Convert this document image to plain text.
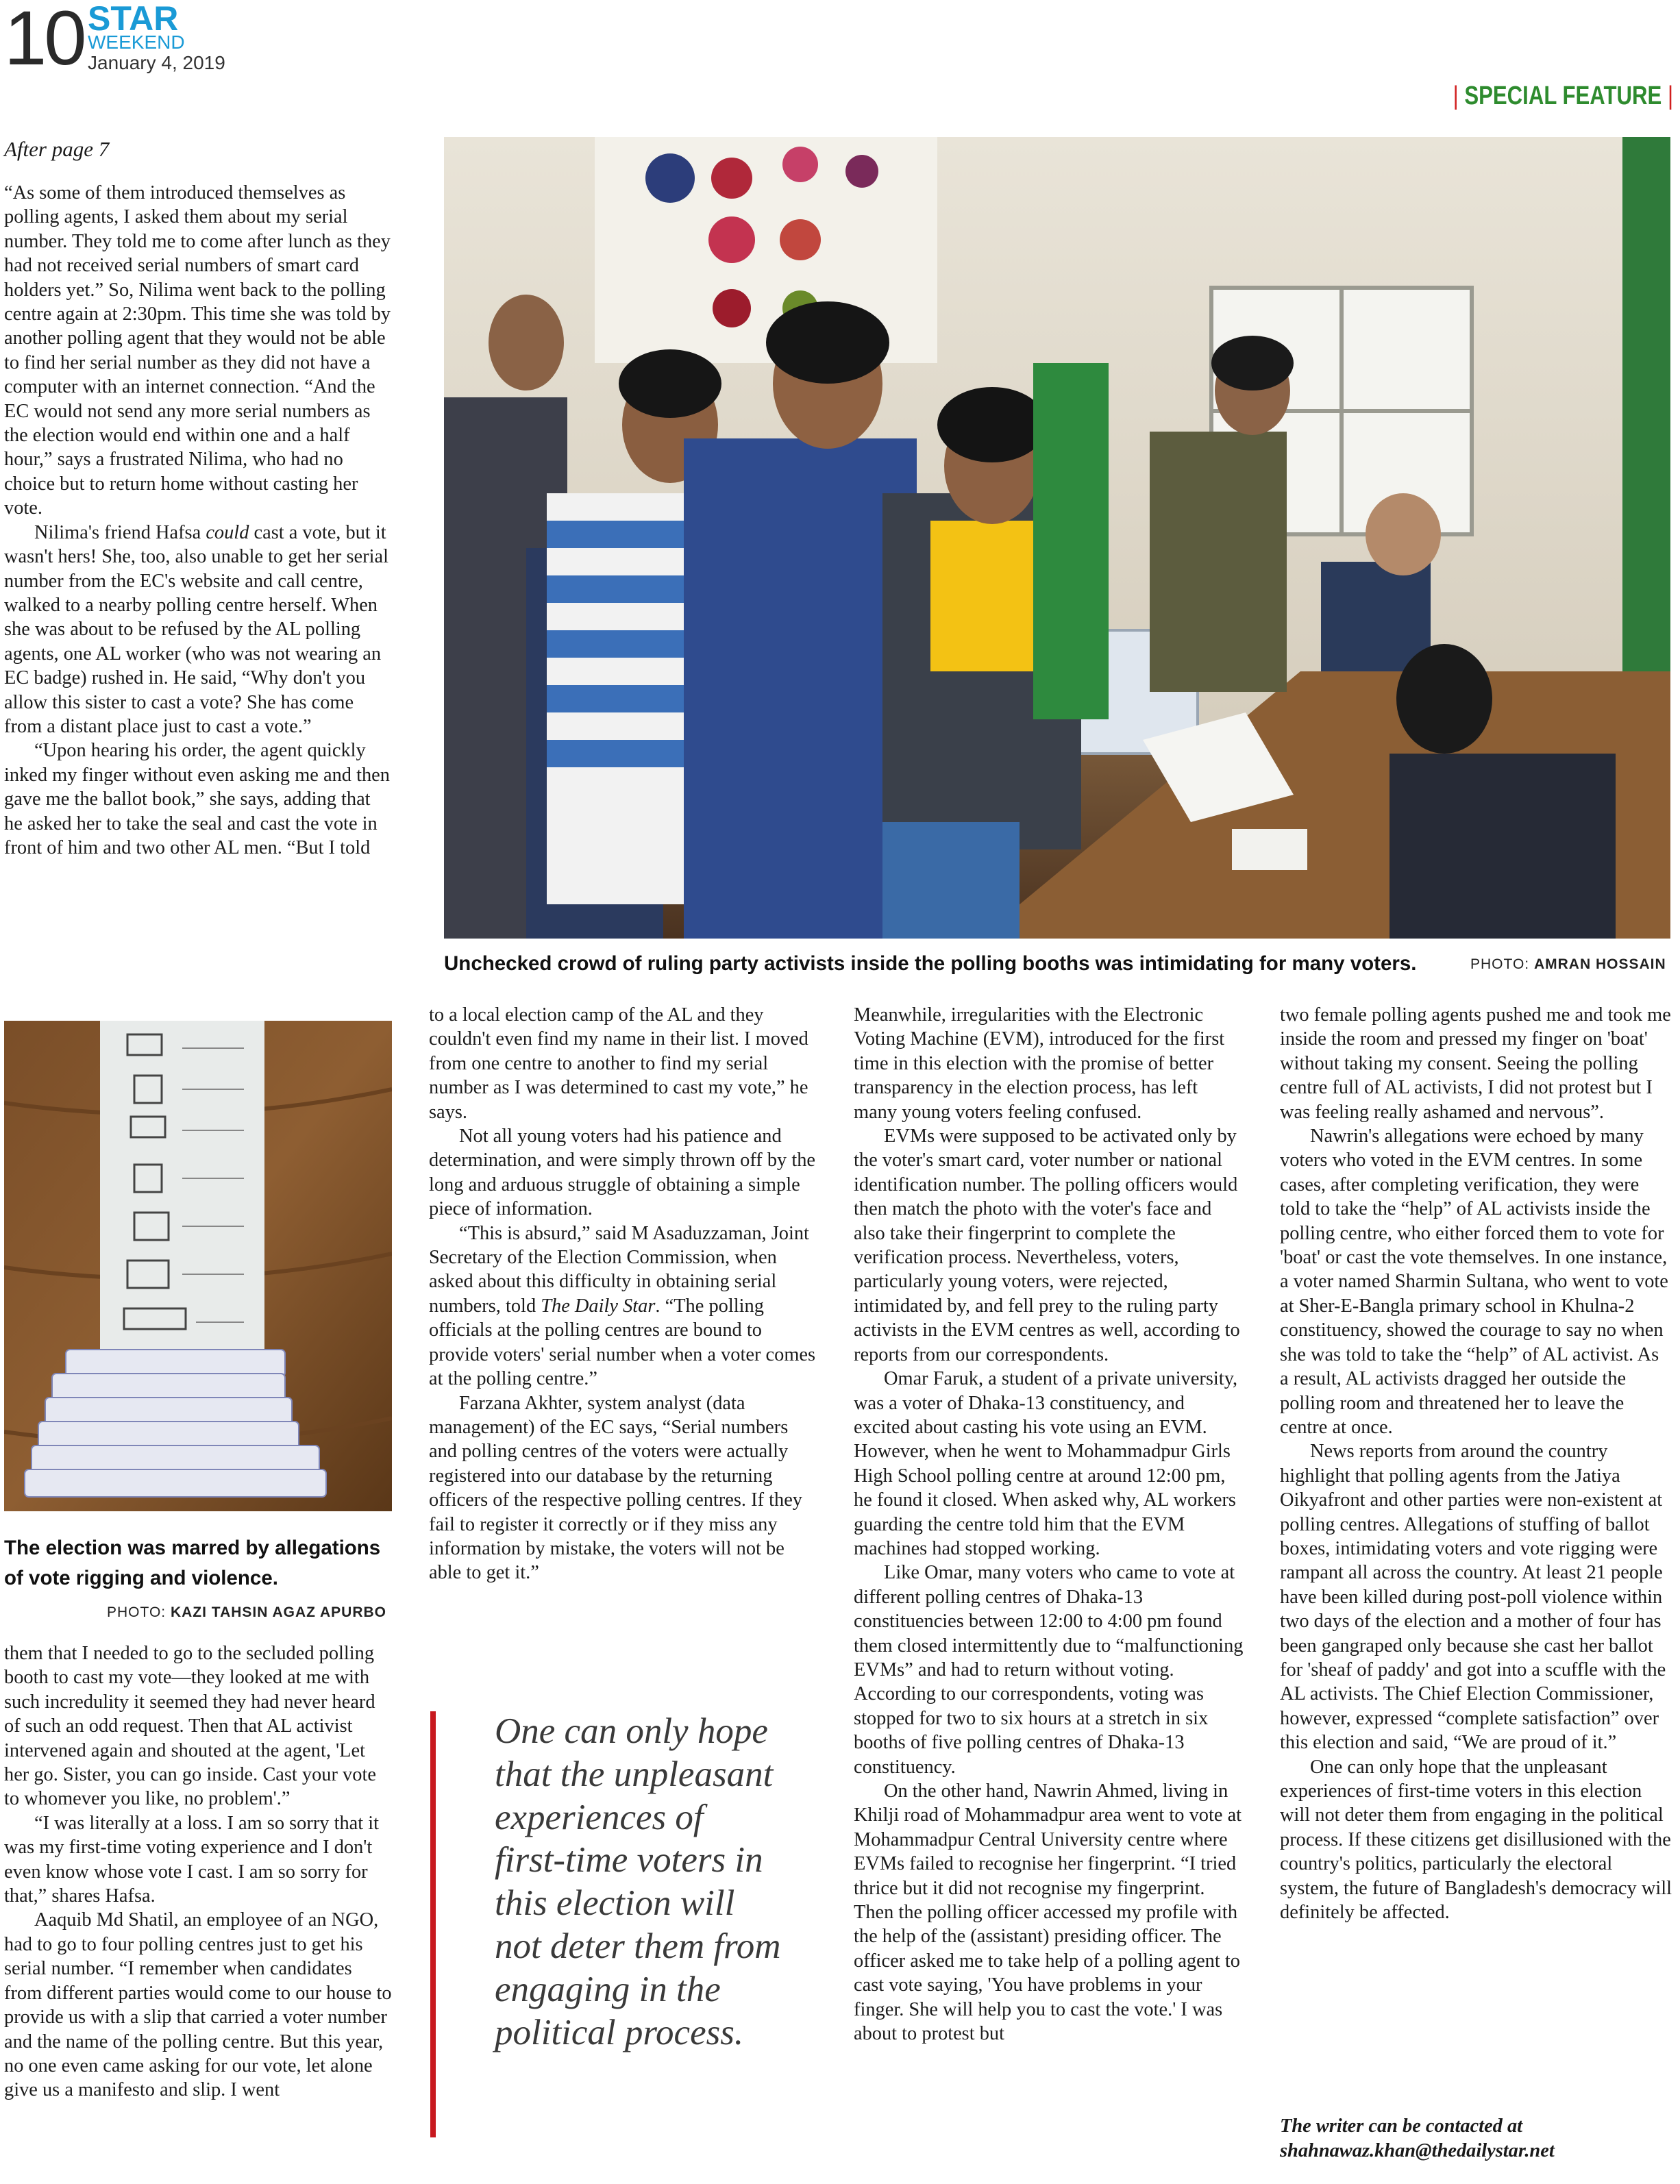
10 STAR
WEEKEND
January 4, 2019
| SPECIAL FEATURE |
After page 7

“As some of them introduced themselves as polling agents, I asked them about my serial number. They told me to come after lunch as they had not received serial numbers of smart card holders yet.” So, Nilima went back to the polling centre again at 2:30pm. This time she was told by another polling agent that they would not be able to find her serial number as they did not have a computer with an internet connection. “And the EC would not send any more serial numbers as the election would end within one and a half hour,” says a frustrated Nilima, who had no choice but to return home without casting her vote.

Nilima's friend Hafsa could cast a vote, but it wasn't hers! She, too, also unable to get her serial number from the EC's website and call centre, walked to a nearby polling centre herself. When she was about to be refused by the AL polling agents, one AL worker (who was not wearing an EC badge) rushed in. He said, “Why don't you allow this sister to cast a vote? She has come from a distant place just to cast a vote.”

“Upon hearing his order, the agent quickly inked my finger without even asking me and then gave me the ballot book,” she says, adding that he asked her to take the seal and cast the vote in front of him and two other AL men. “But I told

Unchecked crowd of ruling party activists inside the polling booths was intimidating for many voters.	PHOTO: AMRAN HOSSAIN
The election was marred by allegations of vote rigging and violence.
PHOTO: KAZI TAHSIN AGAZ APURBO

them that I needed to go to the secluded polling booth to cast my vote—they looked at me with such incredulity it seemed they had never heard of such an odd request. Then that AL activist intervened again and shouted at the agent, 'Let her go. Sister, you can go inside. Cast your vote to whomever you like, no problem'.”

“I was literally at a loss. I am so sorry that it was my first-time voting experience and I don't even know whose vote I cast. I am so sorry for that,” shares Hafsa.

Aaquib Md Shatil, an employee of an NGO, had to go to four polling centres just to get his serial number. “I remember when candidates from different parties would come to our house to provide us with a slip that carried a voter number and the name of the polling centre. But this year, no one even came asking for our vote, let alone give us a manifesto and slip. I went

to a local election camp of the AL and they couldn't even find my name in their list. I moved from one centre to another to find my serial number as I was determined to cast my vote,” he says.

Not all young voters had his patience and determination, and were simply thrown off by the long and arduous struggle of obtaining a simple piece of information.

“This is absurd,” said M Asaduzzaman, Joint Secretary of the Election Commission, when asked about this difficulty in obtaining serial numbers, told The Daily Star. “The polling officials at the polling centres are bound to provide voters' serial number when a voter comes at the polling centre.”

Farzana Akhter, system analyst (data management) of the EC says, “Serial numbers and polling centres of the voters were actually registered into our database by the returning officers of the respective polling centres. If they fail to register it correctly or if they miss any information by mistake, the voters will not be able to get it.”

One can only hope that the unpleasant experiences of first-time voters in this election will not deter them from engaging in the political process.

Meanwhile, irregularities with the Electronic Voting Machine (EVM), introduced for the first time in this election with the promise of better transparency in the election process, has left many young voters feeling confused.

EVMs were supposed to be activated only by the voter's smart card, voter number or national identification number. The polling officers would then match the photo with the voter's face and also take their fingerprint to complete the verification process. Nevertheless, voters, particularly young voters, were rejected, intimidated by, and fell prey to the ruling party activists in the EVM centres as well, according to reports from our correspondents.

Omar Faruk, a student of a private university, was a voter of Dhaka-13 constituency, and excited about casting his vote using an EVM. However, when he went to Mohammadpur Girls High School polling centre at around 12:00 pm, he found it closed. When asked why, AL workers guarding the centre told him that the EVM machines had stopped working.

Like Omar, many voters who came to vote at different polling centres of Dhaka-13 constituencies between 12:00 to 4:00 pm found them closed intermittently due to “malfunctioning EVMs” and had to return without voting. According to our correspondents, voting was stopped for two to six hours at a stretch in six booths of five polling centres of Dhaka-13 constituency.

On the other hand, Nawrin Ahmed, living in Khilji road of Mohammadpur area went to vote at Mohammadpur Central University centre where EVMs failed to recognise her fingerprint. “I tried thrice but it did not recognise my fingerprint. Then the polling officer accessed my profile with the help of the (assistant) presiding officer. The officer asked me to take help of a polling agent to cast vote saying, 'You have problems in your finger. She will help you to cast the vote.' I was about to protest but

two female polling agents pushed me and took me inside the room and pressed my finger on 'boat' without taking my consent. Seeing the polling centre full of AL activists, I did not protest but I was feeling really ashamed and nervous”.

Nawrin's allegations were echoed by many voters who voted in the EVM centres. In some cases, after completing verification, they were told to take the “help” of AL activists inside the polling centre, who either forced them to vote for 'boat' or cast the vote themselves. In one instance, a voter named Sharmin Sultana, who went to vote at Sher-E-Bangla primary school in Khulna-2 constituency, showed the courage to say no when she was told to take the “help” of AL activist. As a result, AL activists dragged her outside the polling room and threatened her to leave the centre at once.

News reports from around the country highlight that polling agents from the Jatiya Oikyafront and other parties were non-existent at polling centres. Allegations of stuffing of ballot boxes, intimidating voters and vote rigging were rampant all across the country. At least 21 people have been killed during post-poll violence within two days of the election and a mother of four has been gangraped only because she cast her ballot for 'sheaf of paddy' and got into a scuffle with the AL activists. The Chief Election Commissioner, however, expressed “complete satisfaction” over this election and said, “We are proud of it.”

One can only hope that the unpleasant experiences of first-time voters in this election will not deter them from engaging in the political process. If these citizens get disillusioned with the country's politics, particularly the electoral system, the future of Bangladesh's democracy will definitely be affected.

The writer can be contacted at
shahnawaz.khan@thedailystar.net
